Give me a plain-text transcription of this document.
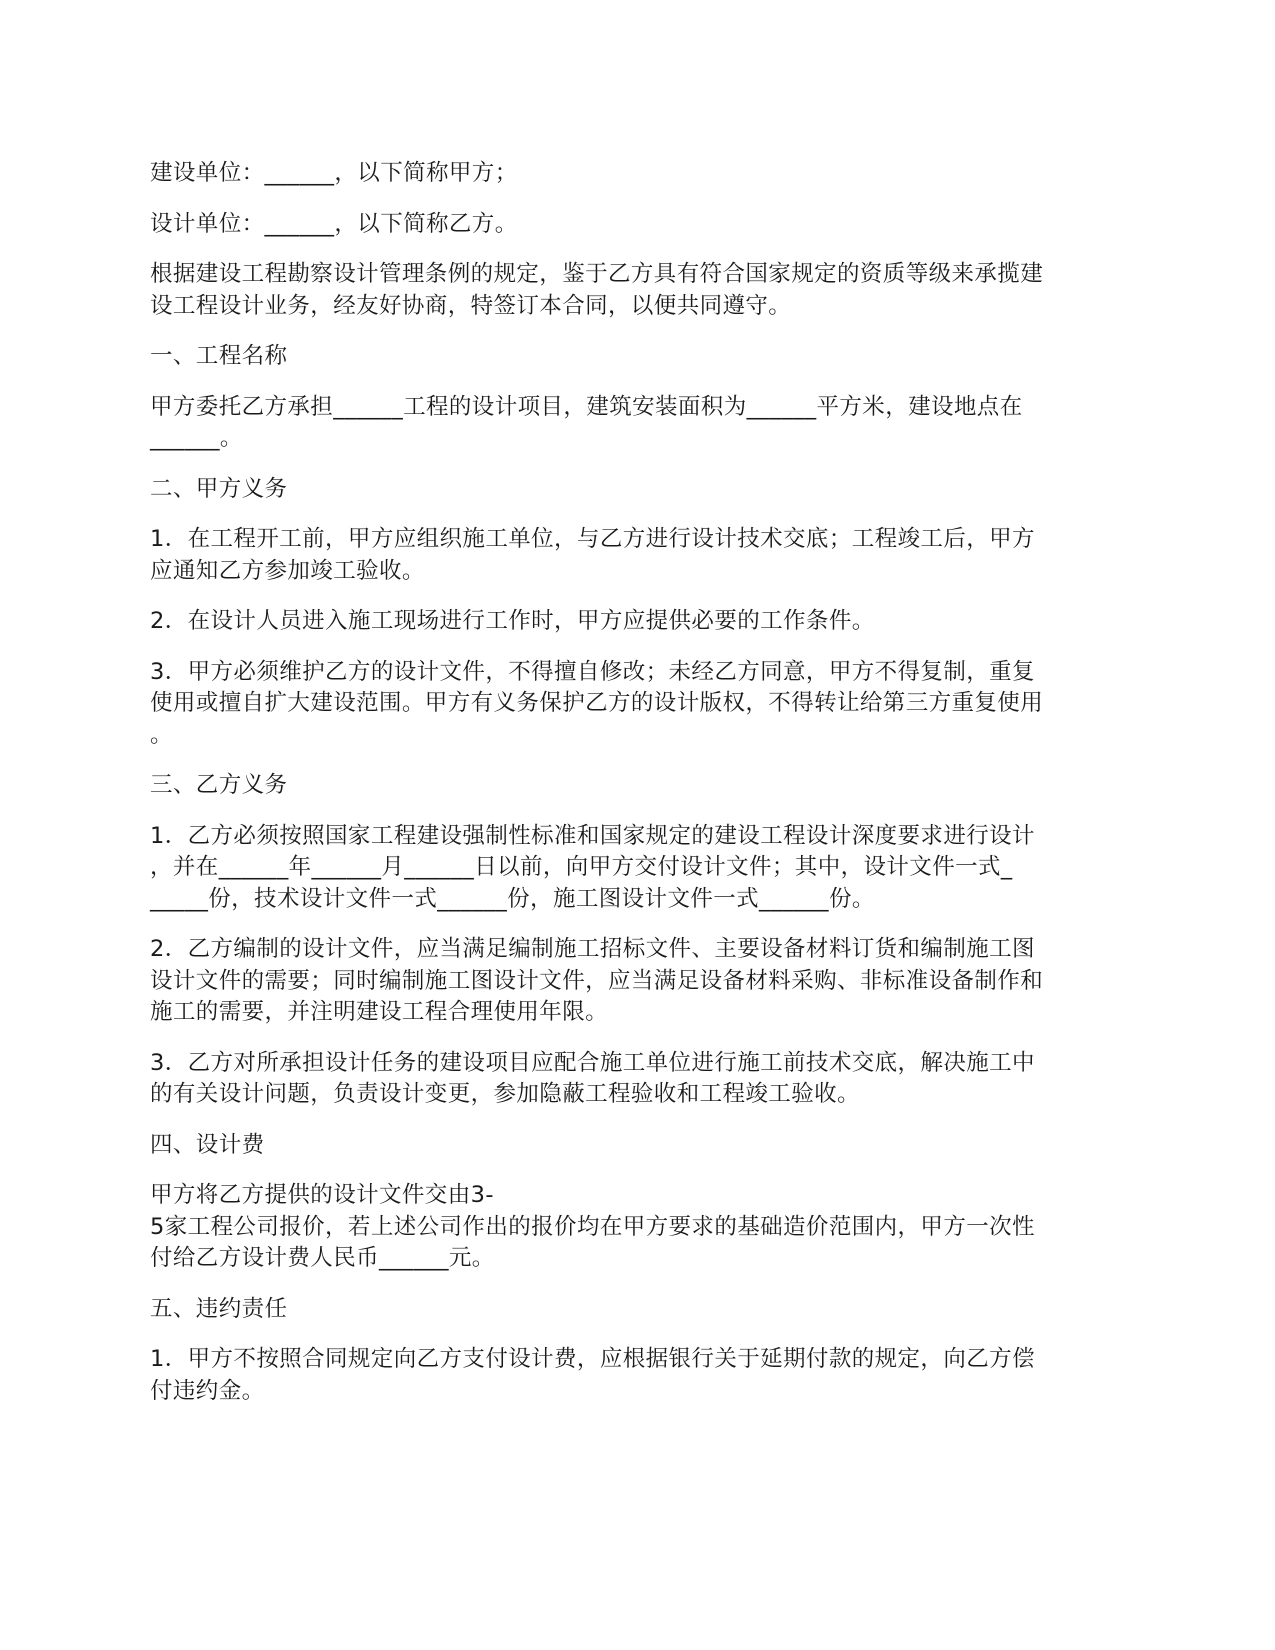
建设单位：______，以下简称甲方；
设计单位：______，以下简称乙方。
根据建设工程勘察设计管理条例的规定，鉴于乙方具有符合国家规定的资质等级来承揽建
设工程设计业务，经友好协商，特签订本合同，以便共同遵守。
一、工程名称
甲方委托乙方承担______工程的设计项目，建筑安装面积为______平方米，建设地点在
______。
二、甲方义务
1．在工程开工前，甲方应组织施工单位，与乙方进行设计技术交底；工程竣工后，甲方
应通知乙方参加竣工验收。
2．在设计人员进入施工现场进行工作时，甲方应提供必要的工作条件。
3．甲方必须维护乙方的设计文件，不得擅自修改；未经乙方同意，甲方不得复制，重复
使用或擅自扩大建设范围。甲方有义务保护乙方的设计版权，不得转让给第三方重复使用
。
三、乙方义务
1．乙方必须按照国家工程建设强制性标准和国家规定的建设工程设计深度要求进行设计
，并在______年______月______日以前，向甲方交付设计文件；其中，设计文件一式_
_____份，技术设计文件一式______份，施工图设计文件一式______份。
2．乙方编制的设计文件，应当满足编制施工招标文件、主要设备材料订货和编制施工图
设计文件的需要；同时编制施工图设计文件，应当满足设备材料采购、非标准设备制作和
施工的需要，并注明建设工程合理使用年限。
3．乙方对所承担设计任务的建设项目应配合施工单位进行施工前技术交底，解决施工中
的有关设计问题，负责设计变更，参加隐蔽工程验收和工程竣工验收。
四、设计费
甲方将乙方提供的设计文件交由3-
5家工程公司报价，若上述公司作出的报价均在甲方要求的基础造价范围内，甲方一次性
付给乙方设计费人民币______元。
五、违约责任
1．甲方不按照合同规定向乙方支付设计费，应根据银行关于延期付款的规定，向乙方偿
付违约金。
